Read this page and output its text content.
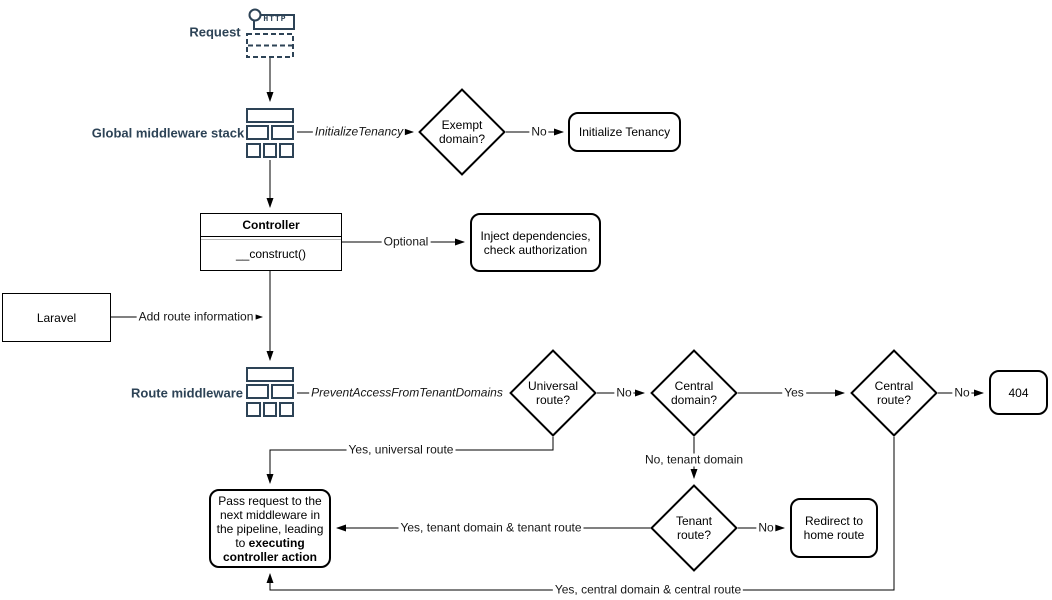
HTTP
Request
Global middleware stack
Exempt domain?
No
InitializeTenancy	Initialize Tenancy
Controller
__construct()
Optional	Inject dependencies, check authorization
Laravel	Add route information
Route middleware	PreventAccessFromTenantDomains	Universal route?
No	Central domain?
Yes	Central route?
No	404
Yes, universal route
No, tenant domain
Tenant route?
No	Redirect to home route
Pass request to the next middleware in the pipeline, leading to executing controller action
Yes, tenant domain & tenant route
Yes, central domain & central route
